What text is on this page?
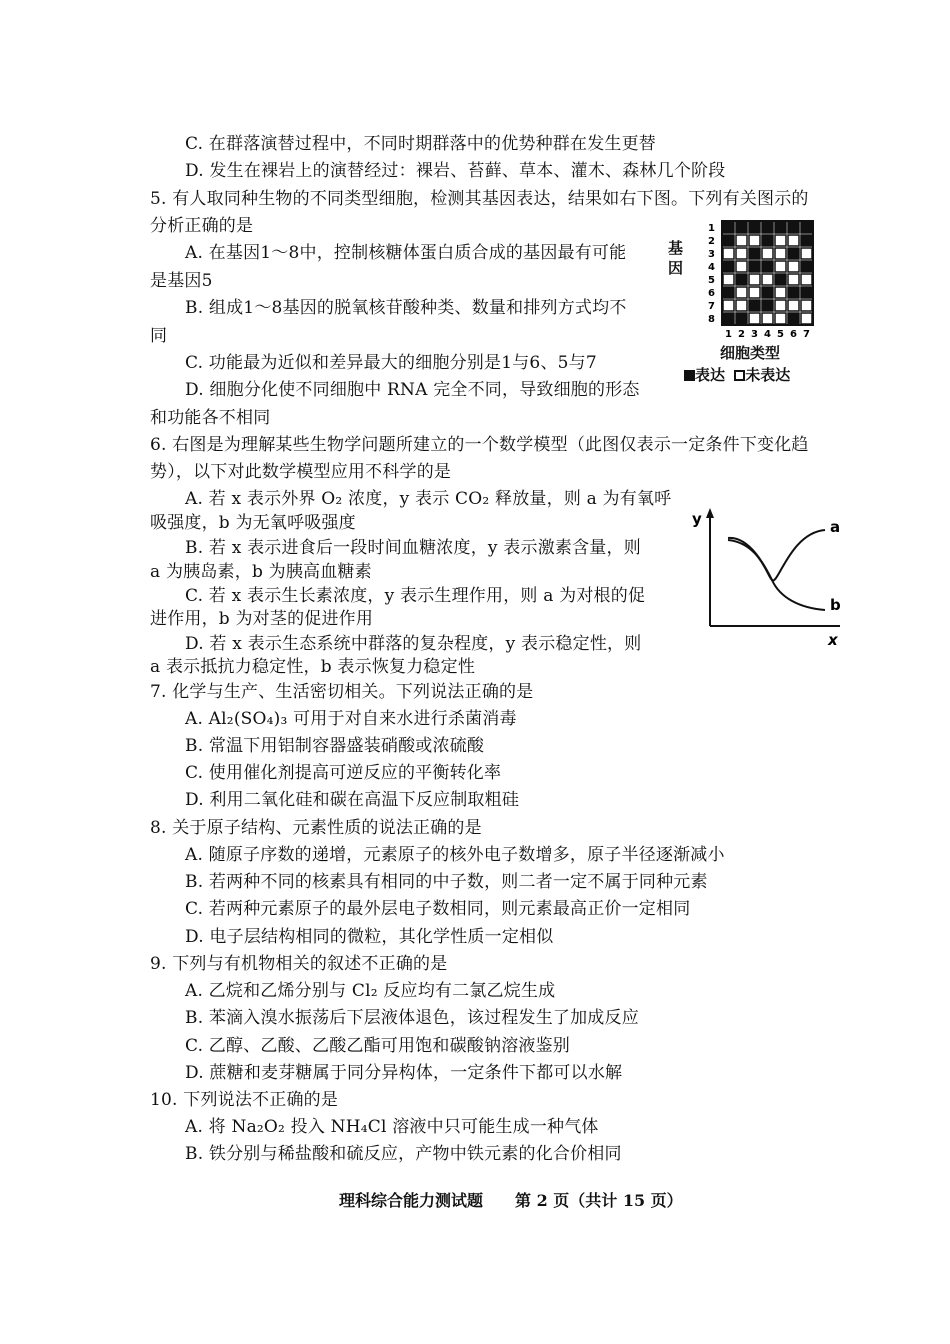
C. 在群落演替过程中，不同时期群落中的优势种群在发生更替
D. 发生在裸岩上的演替经过：裸岩、苔藓、草本、灌木、森林几个阶段
5. 有人取同种生物的不同类型细胞，检测其基因表达，结果如右下图。下列有关图示的
分析正确的是
A. 在基因1～8中，控制核糖体蛋白质合成的基因最有可能
是基因5
B. 组成1～8基因的脱氧核苷酸种类、数量和排列方式均不
同
C. 功能最为近似和差异最大的细胞分别是1与6、5与7
D. 细胞分化使不同细胞中 RNA 完全不同，导致细胞的形态
和功能各不相同
6. 右图是为理解某些生物学问题所建立的一个数学模型（此图仅表示一定条件下变化趋
势），以下对此数学模型应用不科学的是
A. 若 x 表示外界 O₂ 浓度，y 表示 CO₂ 释放量，则 a 为有氧呼
吸强度，b 为无氧呼吸强度
B. 若 x 表示进食后一段时间血糖浓度，y 表示激素含量，则
a 为胰岛素，b 为胰高血糖素
C. 若 x 表示生长素浓度，y 表示生理作用，则 a 为对根的促
进作用，b 为对茎的促进作用
D. 若 x 表示生态系统中群落的复杂程度，y 表示稳定性，则
a 表示抵抗力稳定性，b 表示恢复力稳定性
7. 化学与生产、生活密切相关。下列说法正确的是
A. Al₂(SO₄)₃ 可用于对自来水进行杀菌消毒
B. 常温下用铝制容器盛装硝酸或浓硫酸
C. 使用催化剂提高可逆反应的平衡转化率
D. 利用二氧化硅和碳在高温下反应制取粗硅
8. 关于原子结构、元素性质的说法正确的是
A. 随原子序数的递增，元素原子的核外电子数增多，原子半径逐渐减小
B. 若两种不同的核素具有相同的中子数，则二者一定不属于同种元素
C. 若两种元素原子的最外层电子数相同，则元素最高正价一定相同
D. 电子层结构相同的微粒，其化学性质一定相似
9. 下列与有机物相关的叙述不正确的是
A. 乙烷和乙烯分别与 Cl₂ 反应均有二氯乙烷生成
B. 苯滴入溴水振荡后下层液体退色，该过程发生了加成反应
C. 乙醇、乙酸、乙酸乙酯可用饱和碳酸钠溶液鉴别
D. 蔗糖和麦芽糖属于同分异构体，一定条件下都可以水解
10. 下列说法不正确的是
A. 将 Na₂O₂ 投入 NH₄Cl 溶液中只可能生成一种气体
B. 铁分别与稀盐酸和硫反应，产物中铁元素的化合价相同
基因
1
2
3
4
5
6
7
8
1 2 3 4 5 6 7
细胞类型
表达 未表达
y
x
a
b
理科综合能力测试题　　第 2 页（共计 15 页）
